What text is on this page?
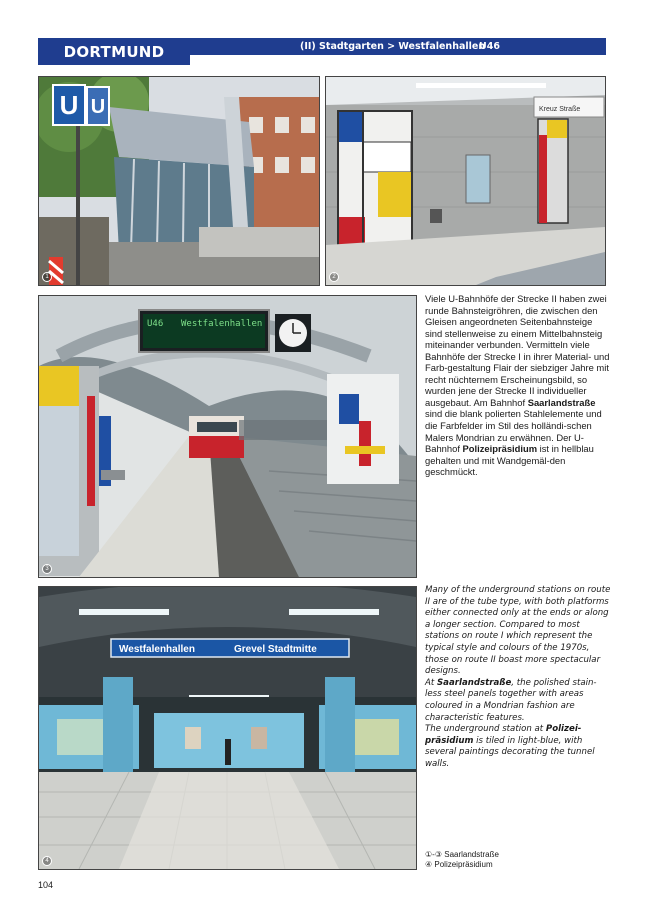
DORTMUND	(II) Stadtgarten > Westfalenhallen
U46
U U
1
Kreuz Straße
2
U46 Westfalenhallen
3
Westfalenhallen	Grevel Stadtmitte
4

Viele U-Bahnhöfe der Strecke II haben zwei runde Bahnsteigröhren, die zwischen den Gleisen angeordneten Seitenbahnsteige sind stellenweise zu einem Mittelbahnsteig miteinander verbunden. Vermitteln viele Bahnhöfe der Strecke I in ihrer Material- und Farb-gestaltung Flair der siebziger Jahre mit recht nüchternem Erscheinungsbild, so wurden jene der Strecke II individueller ausgebaut. Am Bahnhof Saarlandstraße sind die blank polierten Stahlelemente und die Farbfelder im Stil des holländi-schen Malers Mondrian zu erwähnen. Der U-Bahnhof Polizeipräsidium ist in hellblau gehalten und mit Wandgemäl-den geschmückt.

Many of the underground stations on route II are of the tube type, with both platforms either connected only at the ends or along a longer section. Compared to most stations on route I which represent the typical style and colours of the 1970s, those on route II boast more spectacular designs.

At Saarlandstraße, the polished stain-less steel panels together with areas coloured in a Mondrian fashion are characteristic features.

The underground station at Polizei-präsidium is tiled in light-blue, with several paintings decorating the tunnel walls.

①-③ Saarlandstraße
④ Polizeipräsidium
104
